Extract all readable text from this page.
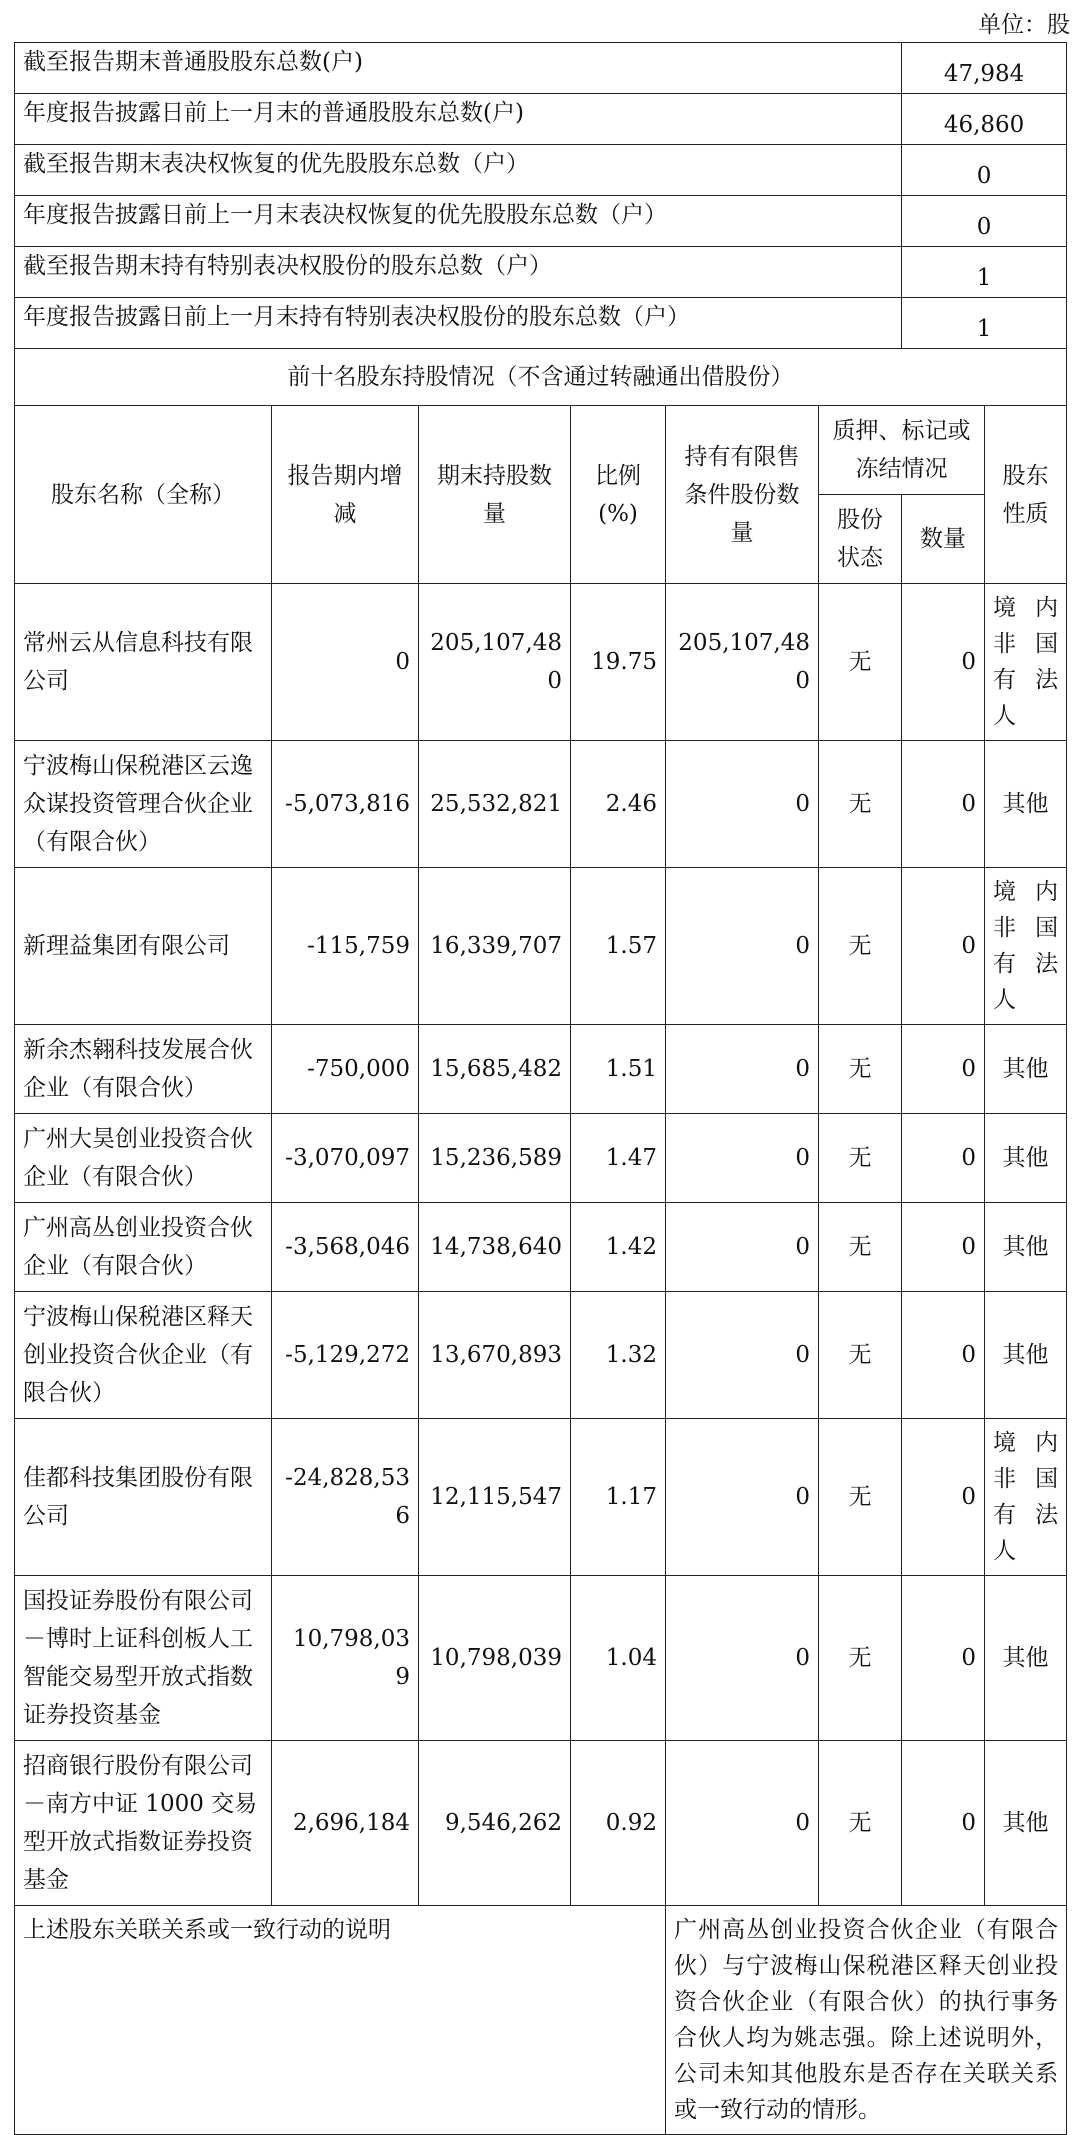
单位：股
截至报告期末普通股股东总数(户)						47,984	
年度报告披露日前上一月末的普通股股东总数(户)						46,860	
截至报告期末表决权恢复的优先股股东总数（户）						0	
年度报告披露日前上一月末表决权恢复的优先股股东总数（户）						0	
截至报告期末持有特别表决权股份的股东总数（户）						1	
年度报告披露日前上一月末持有特别表决权股份的股东总数（户）						1	
前十名股东持股情况（不含通过转融通出借股份）							
股东名称（全称）	报告期内增减	期末持股数量	比例(%)	持有有限售条件股份数量	质押、标记或冻结情况		股东性质
					股份状态	数量	
常州云从信息科技有限公司	0	205,107,480	19.75	205,107,480	无	0	境内非国有法人
宁波梅山保税港区云逸众谋投资管理合伙企业（有限合伙）	-5,073,816	25,532,821	2.46	0	无	0	其他
新理益集团有限公司	-115,759	16,339,707	1.57	0	无	0	境内非国有法人
新余杰翱科技发展合伙企业（有限合伙）	-750,000	15,685,482	1.51	0	无	0	其他
广州大昊创业投资合伙企业（有限合伙）	-3,070,097	15,236,589	1.47	0	无	0	其他
广州高丛创业投资合伙企业（有限合伙）	-3,568,046	14,738,640	1.42	0	无	0	其他
宁波梅山保税港区释天创业投资合伙企业（有限合伙）	-5,129,272	13,670,893	1.32	0	无	0	其他
佳都科技集团股份有限公司	-24,828,536	12,115,547	1.17	0	无	0	境内非国有法人
国投证券股份有限公司－博时上证科创板人工智能交易型开放式指数证券投资基金	10,798,039	10,798,039	1.04	0	无	0	其他
招商银行股份有限公司－南方中证 1000 交易型开放式指数证券投资基金	2,696,184	9,546,262	0.92	0	无	0	其他
上述股东关联关系或一致行动的说明				广州高丛创业投资合伙企业（有限合伙）与宁波梅山保税港区释天创业投资合伙企业（有限合伙）的执行事务合伙人均为姚志强。除上述说明外，公司未知其他股东是否存在关联关系或一致行动的情形。			
